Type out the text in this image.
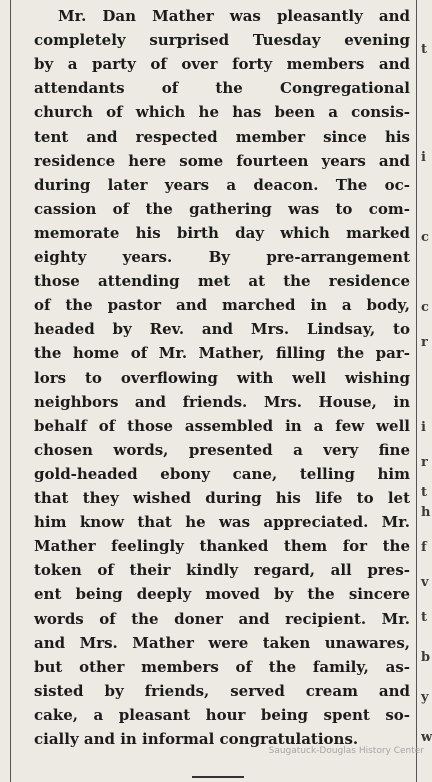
Mr. Dan Mather was pleasantly and
completely surprised Tuesday evening
by a party of over forty members and
attendants of the Congregational
church of which he has been a consis-
tent and respected member since his
residence here some fourteen years and
during later years a deacon. The oc-
cassion of the gathering was to com-
memorate his birth day which marked
eighty years. By pre-arrangement
those attending met at the residence
of the pastor and marched in a body,
headed by Rev. and Mrs. Lindsay, to
the home of Mr. Mather, filling the par-
lors to overflowing with well wishing
neighbors and friends. Mrs. House, in
behalf of those assembled in a few well
chosen words, presented a very fine
gold-headed ebony cane, telling him
that they wished during his life to let
him know that he was appreciated. Mr.
Mather feelingly thanked them for the
token of their kindly regard, all pres-
ent being deeply moved by the sincere
words of the doner and recipient. Mr.
and Mrs. Mather were taken unawares,
but other members of the family, as-
sisted by friends, served cream and
cake, a pleasant hour being spent so-
cially and in informal congratulations.
t
i
c
c
r
i
r
t
h
f
v
t
b
y
w
Saugatuck-Douglas History Center
